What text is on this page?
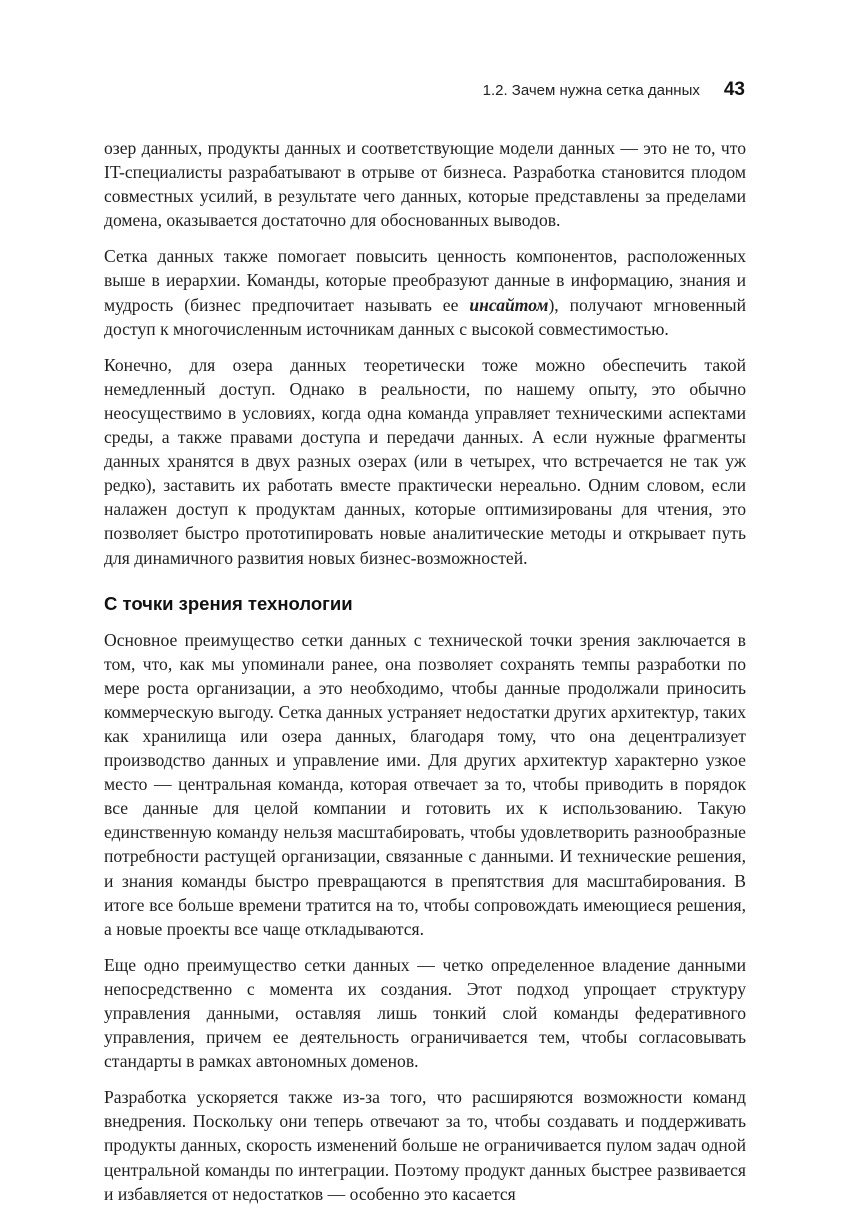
1.2. Зачем нужна сетка данных 43

озер данных, продукты данных и соответствующие модели данных — это не то, что IT-специалисты разрабатывают в отрыве от бизнеса. Разработка становится плодом совместных усилий, в результате чего данных, которые представлены за пределами домена, оказывается достаточно для обоснованных выводов.

Сетка данных также помогает повысить ценность компонентов, расположенных выше в иерархии. Команды, которые преобразуют данные в информацию, знания и мудрость (бизнес предпочитает называть ее инсайтом), получают мгновенный доступ к многочисленным источникам данных с высокой совместимостью.

Конечно, для озера данных теоретически тоже можно обеспечить такой немедленный доступ. Однако в реальности, по нашему опыту, это обычно неосуществимо в условиях, когда одна команда управляет техническими аспектами среды, а также правами доступа и передачи данных. А если нужные фрагменты данных хранятся в двух разных озерах (или в четырех, что встречается не так уж редко), заставить их работать вместе практически нереально. Одним словом, если налажен доступ к продуктам данных, которые оптимизированы для чтения, это позволяет быстро прототипировать новые аналитические методы и открывает путь для динамичного развития новых бизнес-возможностей.

С точки зрения технологии

Основное преимущество сетки данных с технической точки зрения заключается в том, что, как мы упоминали ранее, она позволяет сохранять темпы разработки по мере роста организации, а это необходимо, чтобы данные продолжали приносить коммерческую выгоду. Сетка данных устраняет недостатки других архитектур, таких как хранилища или озера данных, благодаря тому, что она децентрализует производство данных и управление ими. Для других архитектур характерно узкое место — центральная команда, которая отвечает за то, чтобы приводить в порядок все данные для целой компании и готовить их к использованию. Такую единственную команду нельзя масштабировать, чтобы удовлетворить разнообразные потребности растущей организации, связанные с данными. И технические решения, и знания команды быстро превращаются в препятствия для масштабирования. В итоге все больше времени тратится на то, чтобы сопровождать имеющиеся решения, а новые проекты все чаще откладываются.

Еще одно преимущество сетки данных — четко определенное владение данными непосредственно с момента их создания. Этот подход упрощает структуру управления данными, оставляя лишь тонкий слой команды федеративного управления, причем ее деятельность ограничивается тем, чтобы согласовывать стандарты в рамках автономных доменов.

Разработка ускоряется также из-за того, что расширяются возможности команд внедрения. Поскольку они теперь отвечают за то, чтобы создавать и поддерживать продукты данных, скорость изменений больше не ограничивается пулом задач одной центральной команды по интеграции. Поэтому продукт данных быстрее развивается и избавляется от недостатков — особенно это касается
